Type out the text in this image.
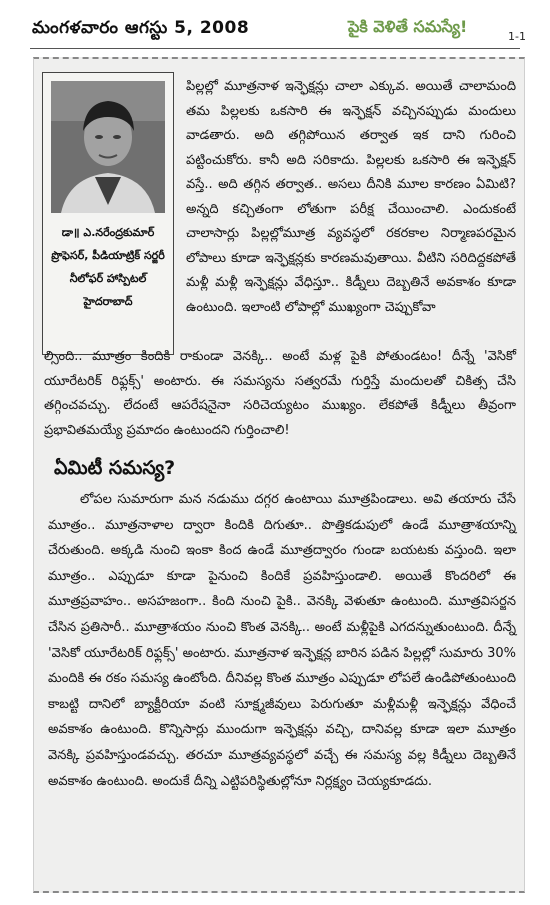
మంగళవారం ఆగస్టు 5, 2008	పైకి వెళితే సమస్యే!
1-1
డా॥ ఎ.నరేంద్రకుమార్
ప్రొఫెసర్, పీడియాట్రిక్ సర్జరీ
నీలోఫర్ హాస్పిటల్
హైదరాబాద్

పిల్లల్లో మూత్రనాళ ఇన్ఫెక్షన్లు చాలా ఎక్కువ. అయితే చాలామంది తమ పిల్లలకు ఒకసారి ఈ ఇన్ఫెక్షన్ వచ్చినప్పుడు మందులు వాడతారు. అది తగ్గిపోయిన తర్వాత ఇక దాని గురించి పట్టించుకోరు. కానీ అది సరికాదు. పిల్లలకు ఒకసారి ఈ ఇన్ఫెక్షన్ వస్తే.. అది తగ్గిన తర్వాత.. అసలు దీనికి మూల కారణం ఏమిటి? అన్నది కచ్చితంగా లోతుగా పరీక్ష చేయించాలి. ఎందుకంటే చాలాసార్లు పిల్లల్లోమూత్ర వ్యవస్థలో రకరకాల నిర్మాణపరమైన లోపాలు కూడా ఇన్ఫెక్షన్లకు కారణమవుతాయి. వీటిని సరిదిద్దకపోతే మళ్లీ మళ్లీ ఇన్ఫెక్షన్లు వేధిస్తూ.. కిడ్నీలు దెబ్బతినే అవకాశం కూడా ఉంటుంది. ఇలాంటి లోపాల్లో ముఖ్యంగా చెప్పుకోవా

ల్సింది.. మూత్రం కిందికి రాకుండా వెనక్కి.. అంటే మళ్ల పైకి పోతుండటం! దీన్నే 'వెసికో యూరేటరిక్ రిఫ్లక్స్' అంటారు. ఈ సమస్యను సత్వరమే గుర్తిస్తే మందులతో చికిత్స చేసి తగ్గించవచ్చు. లేదంటే ఆపరేషనైనా సరిచెయ్యటం ముఖ్యం. లేకపోతే కిడ్నీలు తీవ్రంగా ప్రభావితమయ్యే ప్రమాదం ఉంటుందని గుర్తించాలి!

ఏమిటీ సమస్య?

లోపల సుమారుగా మన నడుము దగ్గర ఉంటాయి మూత్రపిండాలు. అవి తయారు చేసే మూత్రం.. మూత్రనాళాల ద్వారా కిందికి దిగుతూ.. పొత్తికడుపులో ఉండే మూత్రాశయాన్ని చేరుతుంది. అక్కడి నుంచి ఇంకా కింద ఉండే మూత్రద్వారం గుండా బయటకు వస్తుంది. ఇలా మూత్రం.. ఎప్పుడూ కూడా పైనుంచి కిందికే ప్రవహిస్తుండాలి. అయితే కొందరిలో ఈ మూత్రప్రవాహం.. అసహజంగా.. కింది నుంచి పైకి.. వెనక్కి వెళుతూ ఉంటుంది. మూత్రవిసర్జన చేసిన ప్రతిసారీ.. మూత్రాశయం నుంచి కొంత వెనక్కి.. అంటే మళ్లీపైకి ఎగదన్నుతుంటుంది. దీన్నే 'వెసికో యూరేటరిక్ రిఫ్లక్స్' అంటారు. మూత్రనాళ ఇన్ఫెక్షన్ల బారిన పడిన పిల్లల్లో సుమారు 30% మందికి ఈ రకం సమస్య ఉంటోంది. దీనివల్ల కొంత మూత్రం ఎప్పుడూ లోపలే ఉండిపోతుంటుంది కాబట్టి దానిలో బ్యాక్టీరియా వంటి సూక్ష్మజీవులు పెరుగుతూ మళ్లీమళ్లీ ఇన్ఫెక్షన్లు వేధించే అవకాశం ఉంటుంది. కొన్నిసార్లు ముందుగా ఇన్ఫెక్షన్లు వచ్చి, దానివల్ల కూడా ఇలా మూత్రం వెనక్కి ప్రవహిస్తుండవచ్చు. తరచూ మూత్రవ్యవస్థలో వచ్చే ఈ సమస్య వల్ల కిడ్నీలు దెబ్బతినే అవకాశం ఉంటుంది. అందుకే దీన్ని ఎట్టిపరిస్థితుల్లోనూ నిర్లక్ష్యం చెయ్యకూడదు.
